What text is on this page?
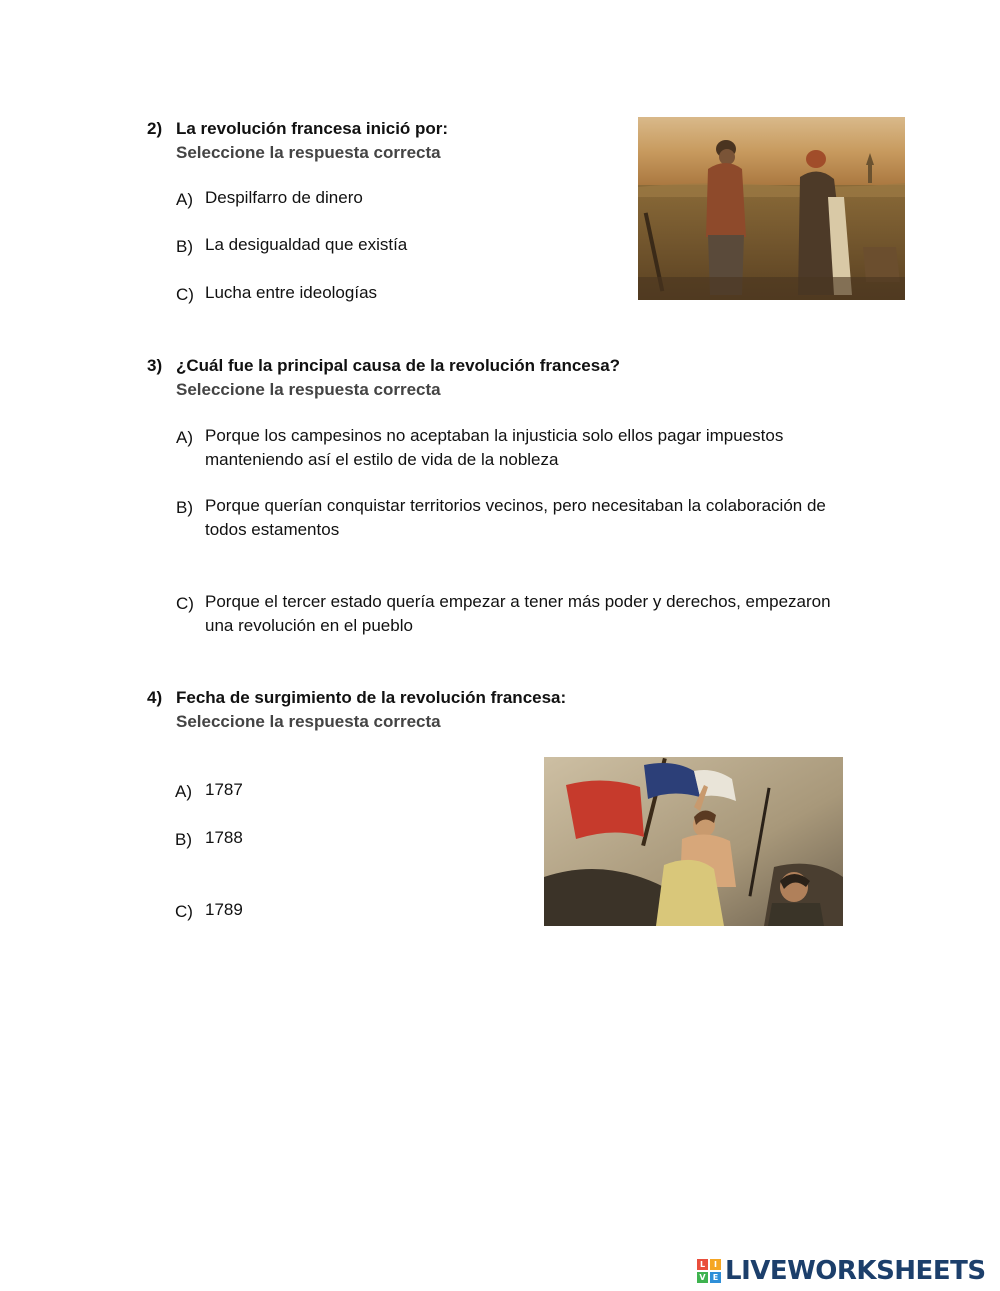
2) La revolución francesa inició por:
Seleccione la respuesta correcta
A) Despilfarro de dinero
B) La desigualdad que existía
C) Lucha entre ideologías
3) ¿Cuál fue la principal causa de la revolución francesa?
Seleccione la respuesta correcta
A) Porque los campesinos no aceptaban la injusticia solo ellos pagar impuestos
manteniendo así el estilo de vida de la nobleza
B) Porque querían conquistar territorios vecinos, pero necesitaban la colaboración de
todos estamentos
C) Porque el tercer estado quería empezar a tener más poder y derechos, empezaron
una revolución en el pueblo
4) Fecha de surgimiento de la revolución francesa:
Seleccione la respuesta correcta
A) 1787
B) 1788
C) 1789
L	I
V E LIVEWORKSHEETS
